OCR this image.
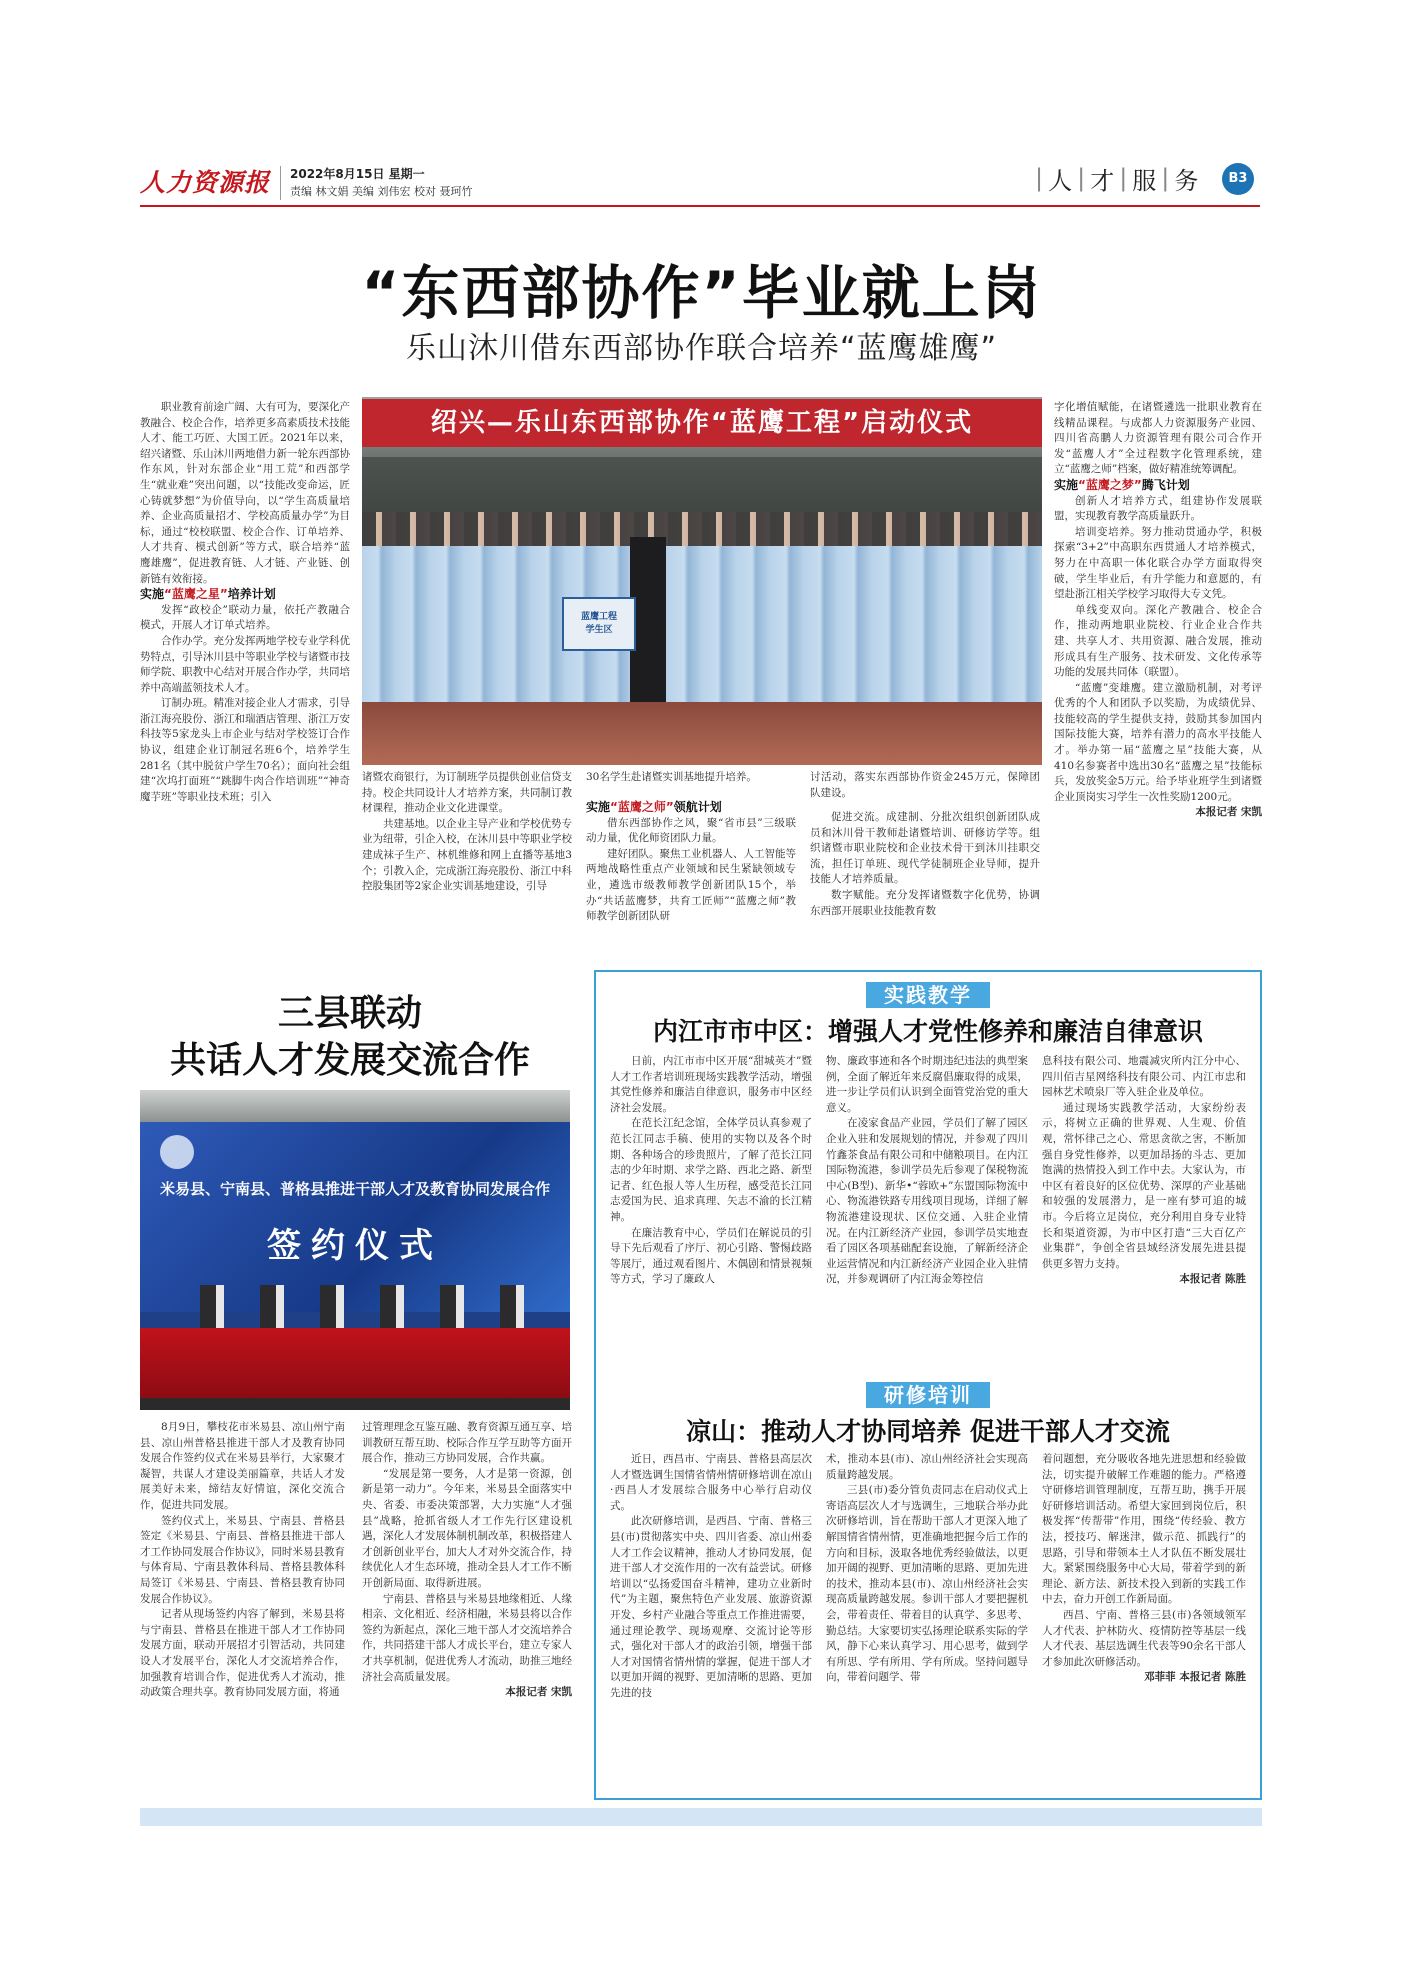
人力资源报 2022年8月15日 星期一
责编 林文娟 美编 刘伟宏 校对 聂珂竹	| 人 | 才 | 服 | 务	B3
“东西部协作”毕业就上岗
乐山沐川借东西部协作联合培养“蓝鹰雄鹰”
绍兴—乐山东西部协作“蓝鹰工程”启动仪式
蓝鹰工程
学生区

职业教育前途广阔、大有可为，要深化产教融合、校企合作，培养更多高素质技术技能人才、能工巧匠、大国工匠。2021年以来，绍兴诸暨、乐山沐川两地借力新一轮东西部协作东风，针对东部企业“用工荒”和西部学生“就业难”突出问题，以“技能改变命运，匠心铸就梦想”为价值导向，以“学生高质量培养、企业高质量招才、学校高质量办学”为目标，通过“校校联盟、校企合作、订单培养、人才共育、模式创新”等方式，联合培养“蓝鹰雄鹰”，促进教育链、人才链、产业链、创新链有效衔接。

实施“蓝鹰之星”培养计划

发挥“政校企”联动力量，依托产教融合模式，开展人才订单式培养。

合作办学。充分发挥两地学校专业学科优势特点，引导沐川县中等职业学校与诸暨市技师学院、职教中心结对开展合作办学，共同培养中高端蓝领技术人才。

订制办班。精准对接企业人才需求，引导浙江海亮股份、浙江和瑞酒店管理、浙江万安科技等5家龙头上市企业与结对学校签订合作协议，组建企业订制冠名班6个，培养学生281名（其中脱贫户学生70名）；面向社会组建“次坞打面班”“跳脚牛肉合作培训班”“神奇魔芋班”等职业技术班；引入

诸暨农商银行，为订制班学员提供创业信贷支持。校企共同设计人才培养方案，共同制订教材课程，推动企业文化进课堂。

共建基地。以企业主导产业和学校优势专业为纽带，引企入校，在沐川县中等职业学校建成袜子生产、林机维修和网上直播等基地3个；引教入企，完成浙江海亮股份、浙江中科控股集团等2家企业实训基地建设，引导

30名学生赴诸暨实训基地提升培养。	讨活动，落实东西部协作资金245万元，保障团队建设。

实施“蓝鹰之师”领航计划

借东西部协作之风，聚“省市县”三级联动力量，优化师资团队力量。

建好团队。聚焦工业机器人、人工智能等两地战略性重点产业领域和民生紧缺领域专业，遴选市级教师教学创新团队15个，举办“共话蓝鹰梦，共育工匠师”“蓝鹰之师”教师教学创新团队研

促进交流。成建制、分批次组织创新团队成员和沐川骨干教师赴诸暨培训、研修访学等。组织诸暨市职业院校和企业技术骨干到沐川挂职交流，担任订单班、现代学徒制班企业导师，提升技能人才培养质量。

数字赋能。充分发挥诸暨数字化优势，协调东西部开展职业技能教育数

字化增值赋能，在诸暨遴选一批职业教育在线精品课程。与成都人力资源服务产业园、四川省高鹏人力资源管理有限公司合作开发“蓝鹰人才”全过程数字化管理系统，建立“蓝鹰之师”档案，做好精准统筹调配。

实施“蓝鹰之梦”腾飞计划

创新人才培养方式，组建协作发展联盟，实现教育教学高质量跃升。

培训变培养。努力推动贯通办学，积极探索“3+2”中高职东西贯通人才培养模式，努力在中高职一体化联合办学方面取得突破，学生毕业后，有升学能力和意愿的，有望赴浙江相关学校学习取得大专文凭。

单线变双向。深化产教融合、校企合作，推动两地职业院校、行业企业合作共建、共享人才、共用资源、融合发展，推动形成具有生产服务、技术研发、文化传承等功能的发展共同体（联盟）。

“蓝鹰”变雄鹰。建立激励机制，对考评优秀的个人和团队予以奖励，为成绩优异、技能较高的学生提供支持，鼓励其参加国内国际技能大赛，培养有潜力的高水平技能人才。举办第一届“蓝鹰之星”技能大赛，从410名参赛者中选出30名“蓝鹰之星”技能标兵，发放奖金5万元。给予毕业班学生到诸暨企业顶岗实习学生一次性奖励1200元。

本报记者 宋凯

三县联动
共话人才发展交流合作
米易县、宁南县、普格县推进干部人才及教育协同发展合作
签约仪式

8月9日，攀枝花市米易县、凉山州宁南县、凉山州普格县推进干部人才及教育协同发展合作签约仪式在米易县举行，大家聚才凝智，共谋人才建设美丽篇章，共话人才发展美好未来，缔结友好情谊，深化交流合作，促进共同发展。

签约仪式上，米易县、宁南县、普格县签定《米易县、宁南县、普格县推进干部人才工作协同发展合作协议》，同时米易县教育与体育局、宁南县教体科局、普格县教体科局签订《米易县、宁南县、普格县教育协同发展合作协议》。

记者从现场签约内容了解到，米易县将与宁南县、普格县在推进干部人才工作协同发展方面，联动开展招才引智活动，共同建设人才发展平台，深化人才交流培养合作，加强教育培训合作，促进优秀人才流动，推动政策合理共享。教育协同发展方面，将通

过管理理念互鉴互融、教育资源互通互享、培训教研互帮互助、校际合作互学互助等方面开展合作，推动三方协同发展，合作共赢。

“发展是第一要务，人才是第一资源，创新是第一动力”。今年来，米易县全面落实中央、省委、市委决策部署，大力实施“人才强县”战略，抢抓省级人才工作先行区建设机遇，深化人才发展体制机制改革，积极搭建人才创新创业平台，加大人才对外交流合作，持续优化人才生态环境，推动全县人才工作不断开创新局面、取得新进展。

宁南县、普格县与米易县地缘相近、人缘相亲、文化相近、经济相融，米易县将以合作签约为新起点，深化三地干部人才交流培养合作，共同搭建干部人才成长平台，建立专家人才共享机制，促进优秀人才流动，助推三地经济社会高质量发展。

本报记者 宋凯

实践教学
内江市市中区：增强人才党性修养和廉洁自律意识

日前，内江市市中区开展“甜城英才”暨人才工作者培训班现场实践教学活动，增强其党性修养和廉洁自律意识，服务市中区经济社会发展。

在范长江纪念馆，全体学员认真参观了范长江同志手稿、使用的实物以及各个时期、各种场合的珍贵照片，了解了范长江同志的少年时期、求学之路、西北之路、新型记者、红色报人等人生历程，感受范长江同志爱国为民、追求真理、矢志不渝的长江精神。

在廉洁教育中心，学员们在解说员的引导下先后观看了序厅、初心引路、警惕歧路等展厅，通过观看图片、木偶剧和情景视频等方式，学习了廉政人

物、廉政事迹和各个时期违纪违法的典型案例，全面了解近年来反腐倡廉取得的成果，进一步让学员们认识到全面管党治党的重大意义。

在凌家食品产业园，学员们了解了园区企业入驻和发展规划的情况，并参观了四川竹鑫茶食品有限公司和中储粮项目。在内江国际物流港，参训学员先后参观了保税物流中心(B型)、新华•“蓉欧+”东盟国际物流中心、物流港铁路专用线项目现场，详细了解物流港建设现状、区位交通、入驻企业情况。在内江新经济产业园，参训学员实地查看了园区各项基础配套设施，了解新经济企业运营情况和内江新经济产业园企业入驻情况，并参观调研了内江海金筹控信

息科技有限公司、地震减灾所内江分中心、四川佰吉星网络科技有限公司、内江市忠和园林艺术喷泉厂等入驻企业及单位。

通过现场实践教学活动，大家纷纷表示，将树立正确的世界观、人生观、价值观，常怀律己之心、常思贪欲之害，不断加强自身党性修养，以更加昂扬的斗志、更加饱满的热情投入到工作中去。大家认为，市中区有着良好的区位优势、深厚的产业基础和较强的发展潜力，是一座有梦可追的城市。今后将立足岗位，充分利用自身专业特长和渠道资源，为市中区打造“三大百亿产业集群”，争创全省县域经济发展先进县提供更多智力支持。

本报记者 陈胜

研修培训
凉山：推动人才协同培养 促进干部人才交流

近日，西昌市、宁南县、普格县高层次人才暨选调生国情省情州情研修培训在凉山·西昌人才发展综合服务中心举行启动仪式。

此次研修培训，是西昌、宁南、普格三县(市)贯彻落实中央、四川省委、凉山州委人才工作会议精神，推动人才协同发展，促进干部人才交流作用的一次有益尝试。研修培训以“弘扬爱国奋斗精神，建功立业新时代”为主题，聚焦特色产业发展、旅游资源开发、乡村产业融合等重点工作推进需要，通过理论教学、现场观摩、交流讨论等形式，强化对干部人才的政治引领，增强干部人才对国情省情州情的掌握，促进干部人才以更加开阔的视野、更加清晰的思路、更加先进的技

术，推动本县(市)、凉山州经济社会实现高质量跨越发展。

三县(市)委分管负责同志在启动仪式上寄语高层次人才与选调生，三地联合举办此次研修培训，旨在帮助干部人才更深入地了解国情省情州情，更准确地把握今后工作的方向和目标，汲取各地优秀经验做法，以更加开阔的视野、更加清晰的思路、更加先进的技术，推动本县(市)、凉山州经济社会实现高质量跨越发展。参训干部人才要把握机会，带着责任、带着目的认真学、多思考、勤总结。大家要切实弘扬理论联系实际的学风，静下心来认真学习、用心思考，做到学有所思、学有所用、学有所成。坚持问题导向，带着问题学、带

着问题想，充分吸收各地先进思想和经验做法，切实提升破解工作难题的能力。严格遵守研修培训管理制度，互帮互助，携手开展好研修培训活动。希望大家回到岗位后，积极发挥“传帮带”作用，围绕“传经验、教方法，授技巧、解迷津，做示范、抓践行”的思路，引导和带领本土人才队伍不断发展壮大。紧紧围绕服务中心大局，带着学到的新理论、新方法、新技术投入到新的实践工作中去，奋力开创工作新局面。

西昌、宁南、普格三县(市)各领域领军人才代表、护林防火、疫情防控等基层一线人才代表、基层选调生代表等90余名干部人才参加此次研修活动。

邓菲菲 本报记者 陈胜
